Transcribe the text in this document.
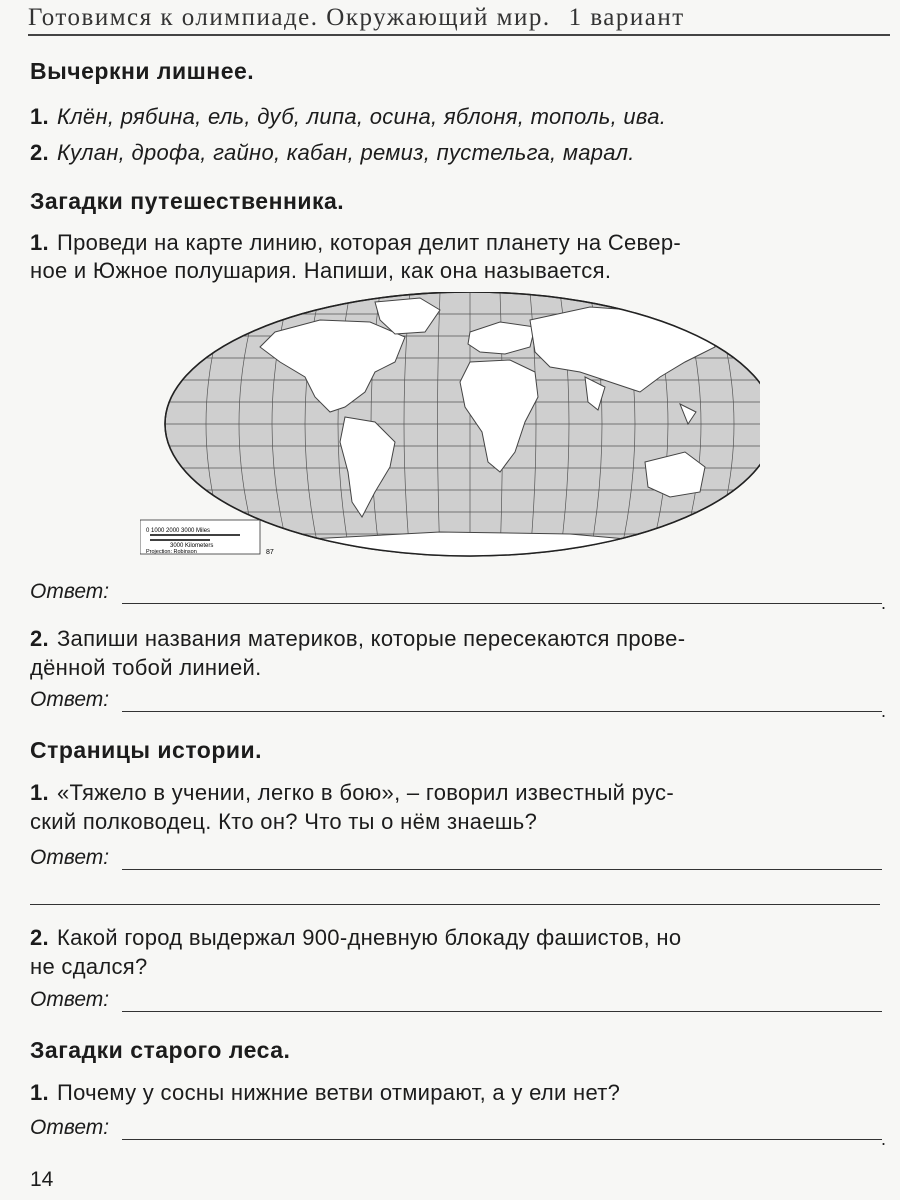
Готовимся к олимпиаде. Окружающий мир. 1 вариант
Вычеркни лишнее.
1. Клён, рябина, ель, дуб, липа, осина, яблоня, тополь, ива.
2. Кулан, дрофа, гайно, кабан, ремиз, пустельга, марал.
Загадки путешественника.
1. Проведи на карте линию, которая делит планету на Север-
ное и Южное полушария. Напиши, как она называется.
0 1000 2000 3000 Miles
3000 Kilometers
Projection: Robinson	87
Ответ:	.
2. Запиши названия материков, которые пересекаются прове-
дённой тобой линией.
Ответ:	.
Страницы истории.
1. «Тяжело в учении, легко в бою», – говорил известный рус-
ский полководец. Кто он? Что ты о нём знаешь?
Ответ:
2. Какой город выдержал 900-дневную блокаду фашистов, но
не сдался?
Ответ:
Загадки старого леса.
1. Почему у сосны нижние ветви отмирают, а у ели нет?
Ответ:	.
14
